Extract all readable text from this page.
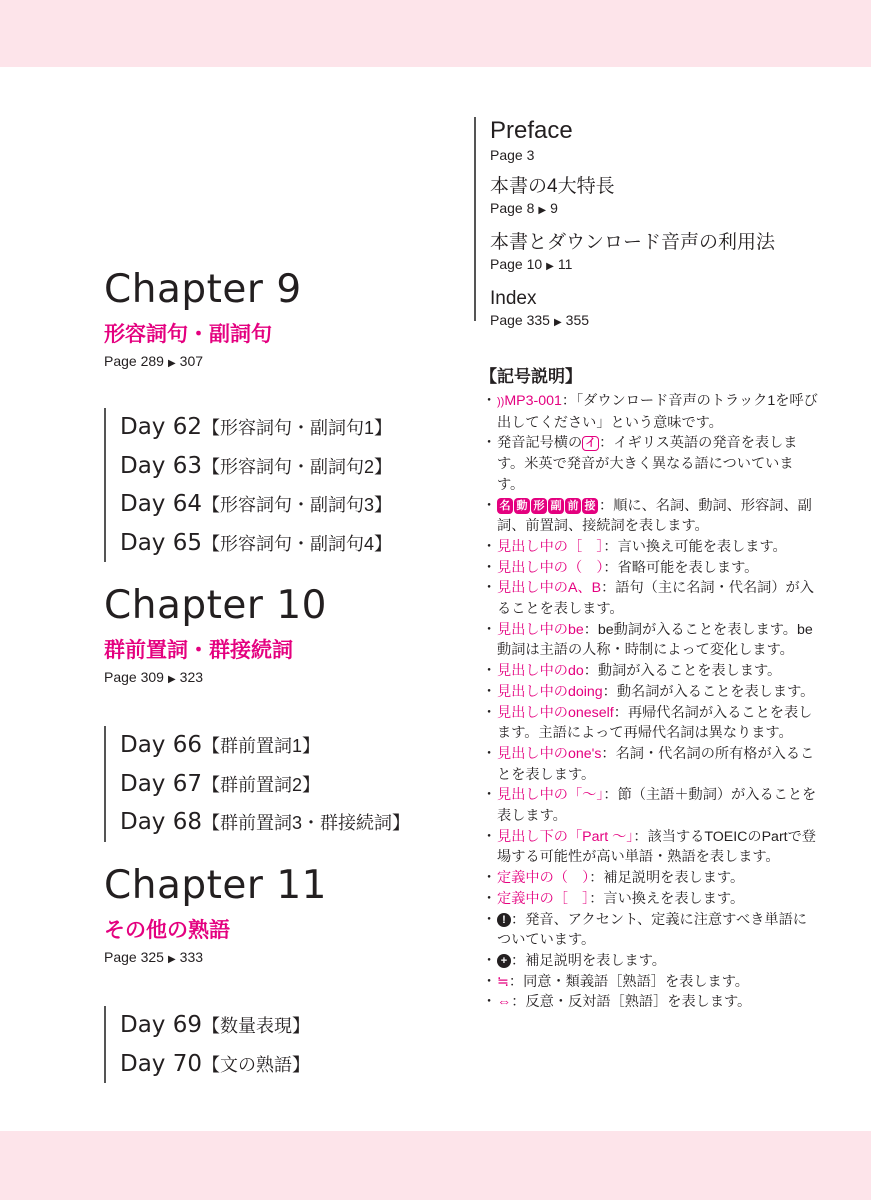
Chapter 9
形容詞句・副詞句
Page 289 ▶ 307
Day 62【形容詞句・副詞句1】
Day 63【形容詞句・副詞句2】
Day 64【形容詞句・副詞句3】
Day 65【形容詞句・副詞句4】
Chapter 10
群前置詞・群接続詞
Page 309 ▶ 323
Day 66【群前置詞1】
Day 67【群前置詞2】
Day 68【群前置詞3・群接続詞】
Chapter 11
その他の熟語
Page 325 ▶ 333
Day 69【数量表現】
Day 70【文の熟語】
Preface
Page 3
本書の4大特長
Page 8 ▶ 9
本書とダウンロード音声の利用法
Page 10 ▶ 11
Index
Page 335 ▶ 355
【記号説明】
・ ))MP3-001：「ダウンロード音声のトラック1を呼び出してください」という意味です。
・ 発音記号横の イ ：イギリス英語の発音を表します。米英で発音が大きく異なる語についています。
・ 名 動 形 副 前 接 ：順に、名詞、動詞、形容詞、副詞、前置詞、接続詞を表します。
・ 見出し中の［　］：言い換え可能を表します。
・ 見出し中の（　）：省略可能を表します。
・ 見出し中のA、B：語句（主に名詞・代名詞）が入ることを表します。
・ 見出し中のbe：be動詞が入ることを表します。be動詞は主語の人称・時制によって変化します。
・ 見出し中のdo：動詞が入ることを表します。
・ 見出し中のdoing：動名詞が入ることを表します。
・ 見出し中のoneself：再帰代名詞が入ることを表します。主語によって再帰代名詞は異なります。
・ 見出し中のone's：名詞・代名詞の所有格が入ることを表します。
・ 見出し中の「〜」：節（主語＋動詞）が入ることを表します。
・ 見出し下の「Part 〜」：該当するTOEICのPartで登場する可能性が高い単語・熟語を表します。
・ 定義中の（　）：補足説明を表します。
・ 定義中の［　］：言い換えを表します。
・ ! ：発音、アクセント、定義に注意すべき単語についています。
・ + ：補足説明を表します。
・ ≒：同意・類義語［熟語］を表します。
・ ⇔：反意・反対語［熟語］を表します。
